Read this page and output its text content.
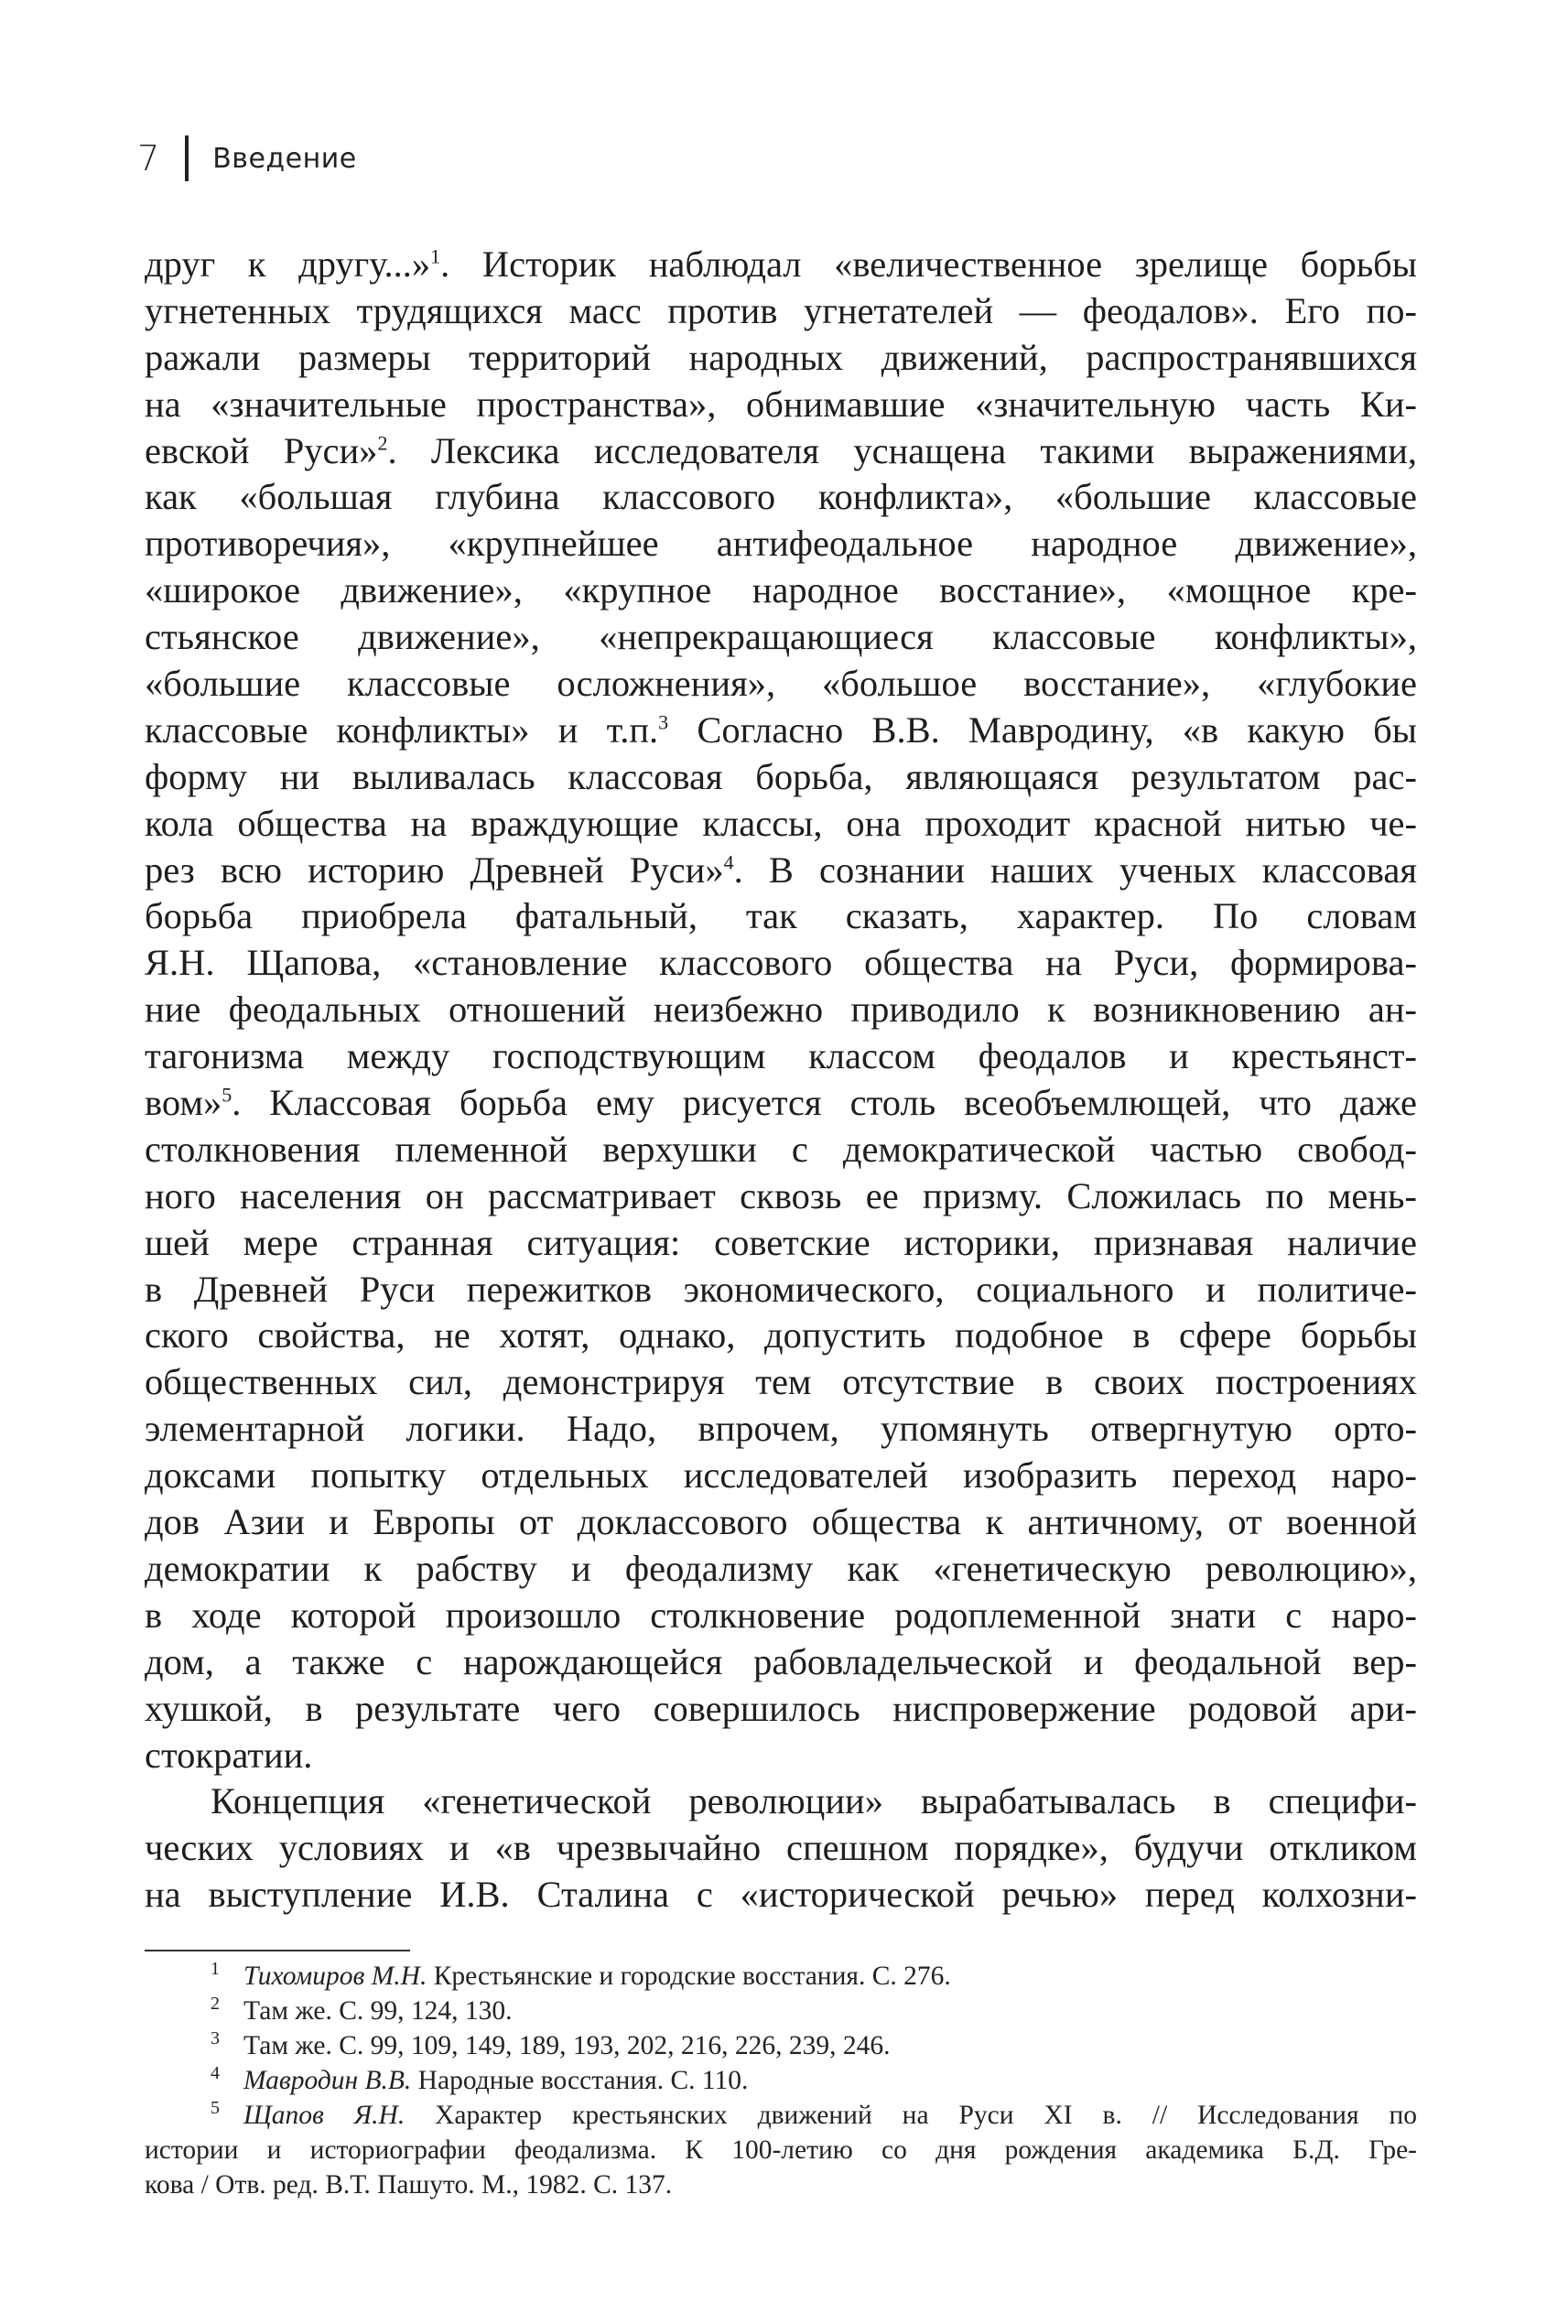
7 Введение
друг к другу...»$^1$. Историк наблюдал «величественное зрелище борьбы
угнетенных трудящихся масс против угнетателей — феодалов». Его по-
ражали размеры территорий народных движений, распространявшихся
на «значительные пространства», обнимавшие «значительную часть Ки-
евской Руси»$^2$. Лексика исследователя уснащена такими выражениями,
как «большая глубина классового конфликта», «большие классовые
противоречия», «крупнейшее антифеодальное народное движение»,
«широкое движение», «крупное народное восстание», «мощное кре-
стьянское движение», «непрекращающиеся классовые конфликты»,
«большие классовые осложнения», «большое восстание», «глубокие
классовые конфликты» и т.п.$^3$ Согласно В.В. Мавродину, «в какую бы
форму ни выливалась классовая борьба, являющаяся результатом рас-
кола общества на враждующие классы, она проходит красной нитью че-
рез всю историю Древней Руси»$^4$. В сознании наших ученых классовая
борьба приобрела фатальный, так сказать, характер. По словам
Я.Н. Щапова, «становление классового общества на Руси, формирова-
ние феодальных отношений неизбежно приводило к возникновению ан-
тагонизма между господствующим классом феодалов и крестьянст-
вом»$^5$. Классовая борьба ему рисуется столь всеобъемлющей, что даже
столкновения племенной верхушки с демократической частью свобод-
ного населения он рассматривает сквозь ее призму. Сложилась по мень-
шей мере странная ситуация: советские историки, признавая наличие
в Древней Руси пережитков экономического, социального и политиче-
ского свойства, не хотят, однако, допустить подобное в сфере борьбы
общественных сил, демонстрируя тем отсутствие в своих построениях
элементарной логики. Надо, впрочем, упомянуть отвергнутую орто-
доксами попытку отдельных исследователей изобразить переход наро-
дов Азии и Европы от доклассового общества к античному, от военной
демократии к рабству и феодализму как «генетическую революцию»,
в ходе которой произошло столкновение родоплеменной знати с наро-
дом, а также с нарождающейся рабовладельческой и феодальной вер-
хушкой, в результате чего совершилось ниспровержение родовой ари-
стократии.
Концепция «генетической революции» вырабатывалась в специфи-
ческих условиях и «в чрезвычайно спешном порядке», будучи откликом
на выступление И.В. Сталина с «исторической речью» перед колхозни-
1 Тихомиров М.Н. Крестьянские и городские восстания. С. 276.
2 Там же. С. 99, 124, 130.
3 Там же. С. 99, 109, 149, 189, 193, 202, 216, 226, 239, 246.
4 Мавродин В.В. Народные восстания. С. 110.
5 Щапов Я.Н. Характер крестьянских движений на Руси XI в. // Исследования по
истории и историографии феодализма. К 100-летию со дня рождения академика Б.Д. Гре-
кова / Отв. ред. В.Т. Пашуто. М., 1982. С. 137.
